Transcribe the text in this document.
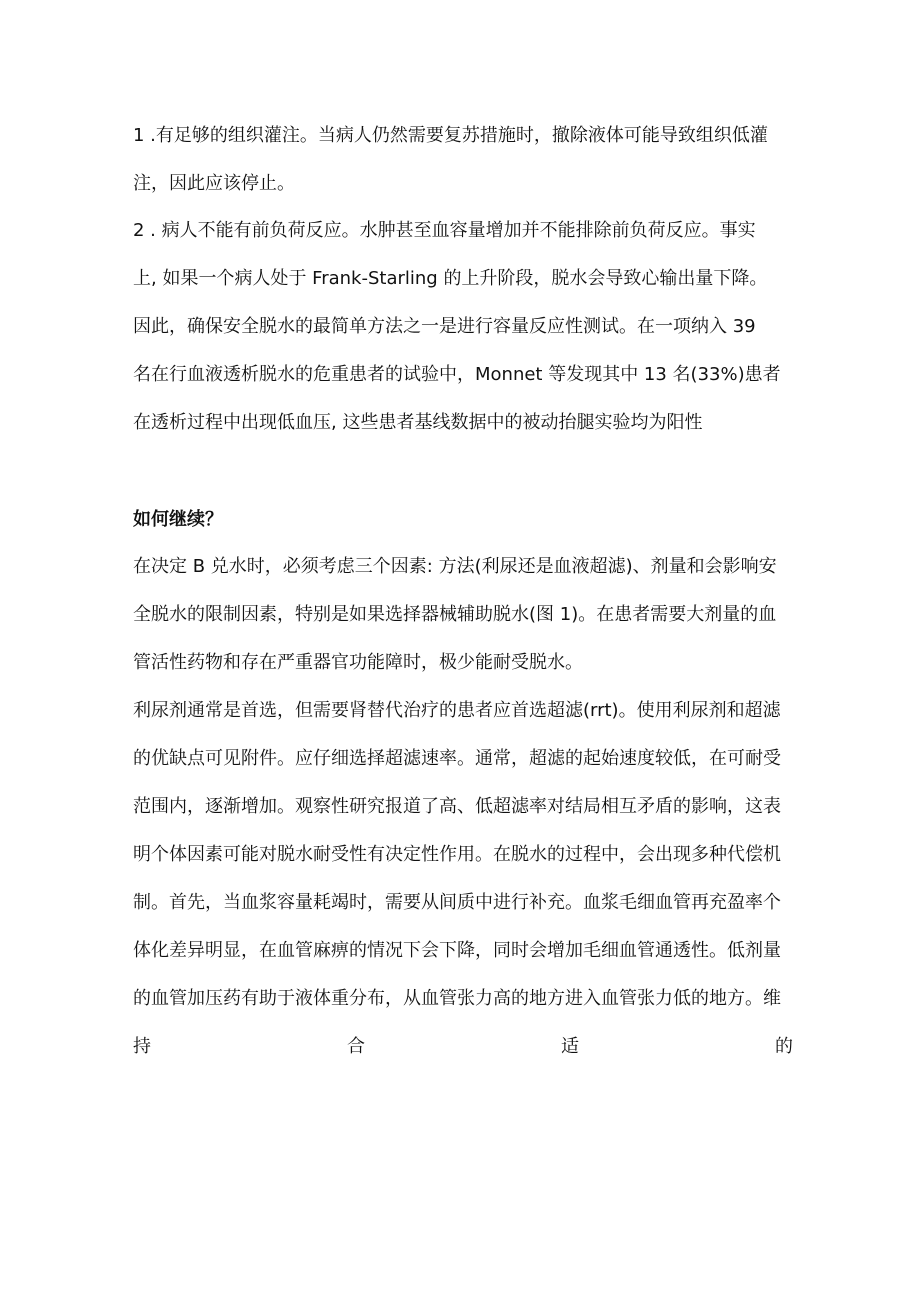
1 .有足够的组织灌注。当病人仍然需要复苏措施时，撤除液体可能导致组织低灌
注，因此应该停止。
2 . 病人不能有前负荷反应。水肿甚至血容量增加并不能排除前负荷反应。事实
上, 如果一个病人处于 Frank-Starling 的上升阶段，脱水会导致心输出量下降。
因此，确保安全脱水的最简单方法之一是进行容量反应性测试。在一项纳入 39
名在行血液透析脱水的危重患者的试验中，Monnet 等发现其中 13 名(33%)患者
在透析过程中出现低血压, 这些患者基线数据中的被动抬腿实验均为阳性
如何继续？
在决定 B 兑水时，必须考虑三个因素: 方法(利尿还是血液超滤)、剂量和会影响安
全脱水的限制因素，特别是如果选择器械辅助脱水(图 1)。在患者需要大剂量的血
管活性药物和存在严重器官功能障时，极少能耐受脱水。
利尿剂通常是首选，但需要肾替代治疗的患者应首选超滤(rrt)。使用利尿剂和超滤
的优缺点可见附件。应仔细选择超滤速率。通常，超滤的起始速度较低，在可耐受
范围内，逐渐增加。观察性研究报道了高、低超滤率对结局相互矛盾的影响，这表
明个体因素可能对脱水耐受性有决定性作用。在脱水的过程中，会出现多种代偿机
制。首先，当血浆容量耗竭时，需要从间质中进行补充。血浆毛细血管再充盈率个
体化差异明显，在血管麻痹的情况下会下降，同时会增加毛细血管通透性。低剂量
的血管加压药有助于液体重分布，从血管张力高的地方进入血管张力低的地方。维
持	合	适	的
